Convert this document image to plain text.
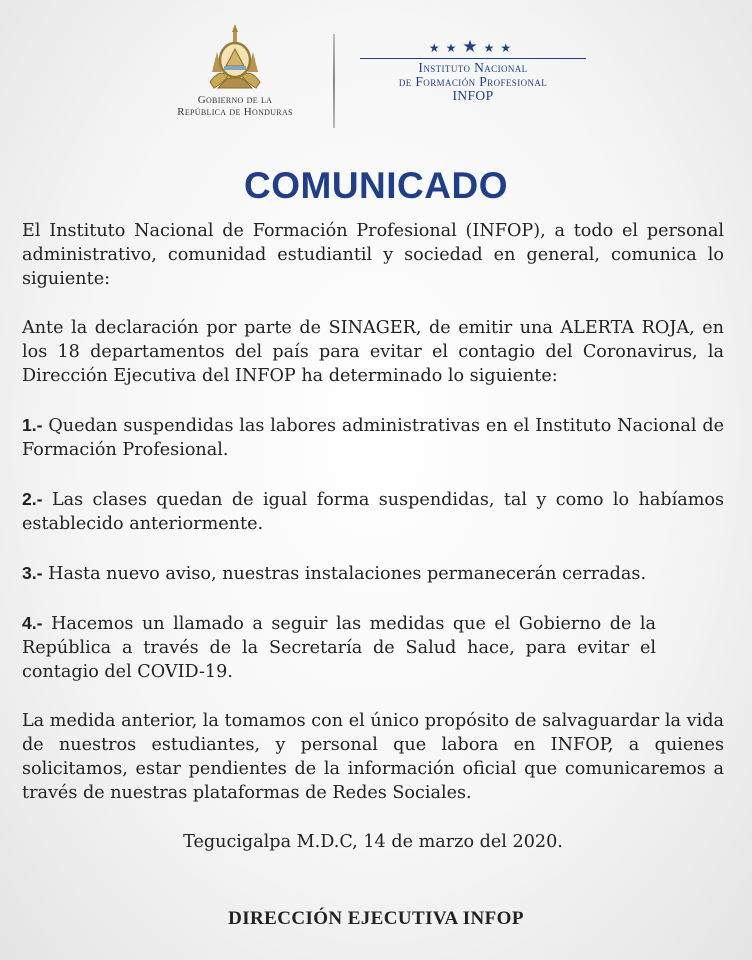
Gobierno de la
República de Honduras
★★★★★
Instituto Nacional
de Formación Profesional
INFOP
COMUNICADO

El Instituto Nacional de Formación Profesional (INFOP), a todo el personal administrativo, comunidad estudiantil y sociedad en general, comunica lo siguiente:

Ante la declaración por parte de SINAGER, de emitir una ALERTA ROJA, en los 18 departamentos del país para evitar el contagio del Coronavirus, la Dirección Ejecutiva del INFOP ha determinado lo siguiente:

1.- Quedan suspendidas las labores administrativas en el Instituto Nacional de Formación Profesional.

2.- Las clases quedan de igual forma suspendidas, tal y como lo habíamos establecido anteriormente.

3.- Hasta nuevo aviso, nuestras instalaciones permanecerán cerradas.

4.- Hacemos un llamado a seguir las medidas que el Gobierno de la República a través de la Secretaría de Salud hace, para evitar el contagio del COVID-19.

La medida anterior, la tomamos con el único propósito de salvaguardar la vida de nuestros estudiantes, y personal que labora en INFOP, a quienes solicitamos, estar pendientes de la información oficial que comunicaremos a través de nuestras plataformas de Redes Sociales.

Tegucigalpa M.D.C, 14 de marzo del 2020.
DIRECCIÓN EJECUTIVA INFOP
